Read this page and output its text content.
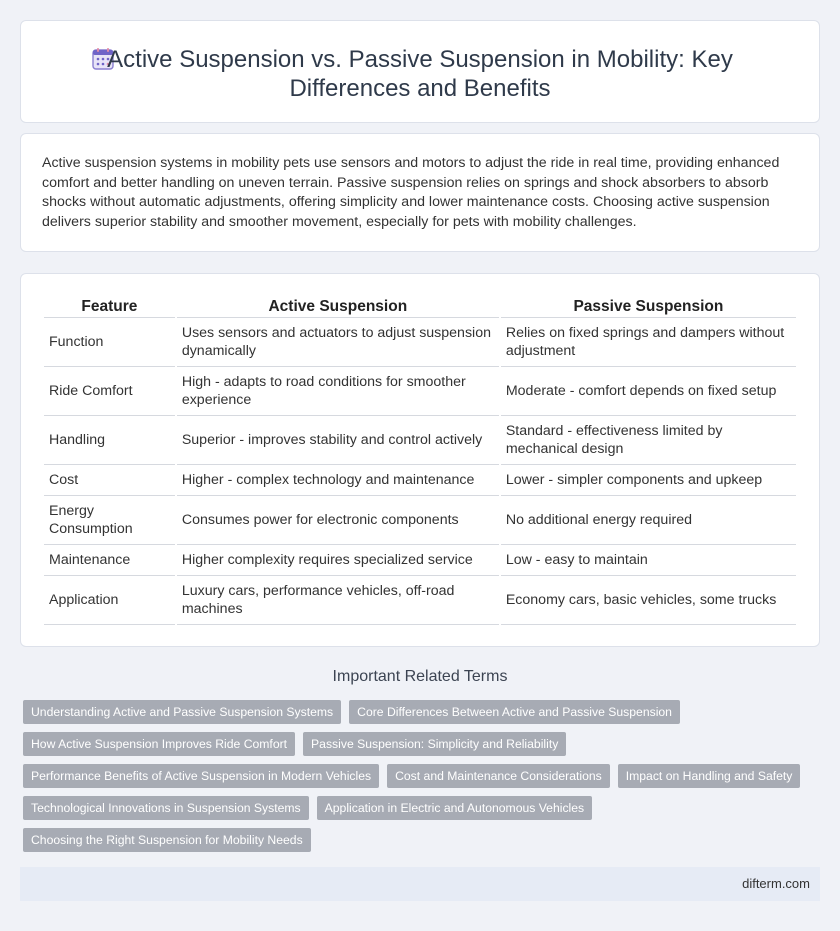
Active Suspension vs. Passive Suspension in Mobility: Key Differences and Benefits

Active suspension systems in mobility pets use sensors and motors to adjust the ride in real time, providing enhanced comfort and better handling on uneven terrain. Passive suspension relies on springs and shock absorbers to absorb shocks without automatic adjustments, offering simplicity and lower maintenance costs. Choosing active suspension delivers superior stability and smoother movement, especially for pets with mobility challenges.

Feature	Active Suspension	Passive Suspension
Function	Uses sensors and actuators to adjust suspension dynamically	Relies on fixed springs and dampers without adjustment
Ride Comfort	High - adapts to road conditions for smoother experience	Moderate - comfort depends on fixed setup
Handling	Superior - improves stability and control actively	Standard - effectiveness limited by mechanical design
Cost	Higher - complex technology and maintenance	Lower - simpler components and upkeep
Energy Consumption	Consumes power for electronic components	No additional energy required
Maintenance	Higher complexity requires specialized service	Low - easy to maintain
Application	Luxury cars, performance vehicles, off-road machines	Economy cars, basic vehicles, some trucks
Important Related Terms
Understanding Active and Passive Suspension Systems	Core Differences Between Active and Passive Suspension
How Active Suspension Improves Ride Comfort	Passive Suspension: Simplicity and Reliability
Performance Benefits of Active Suspension in Modern Vehicles	Cost and Maintenance Considerations	Impact on Handling and Safety
Technological Innovations in Suspension Systems	Application in Electric and Autonomous Vehicles
Choosing the Right Suspension for Mobility Needs
difterm.com
